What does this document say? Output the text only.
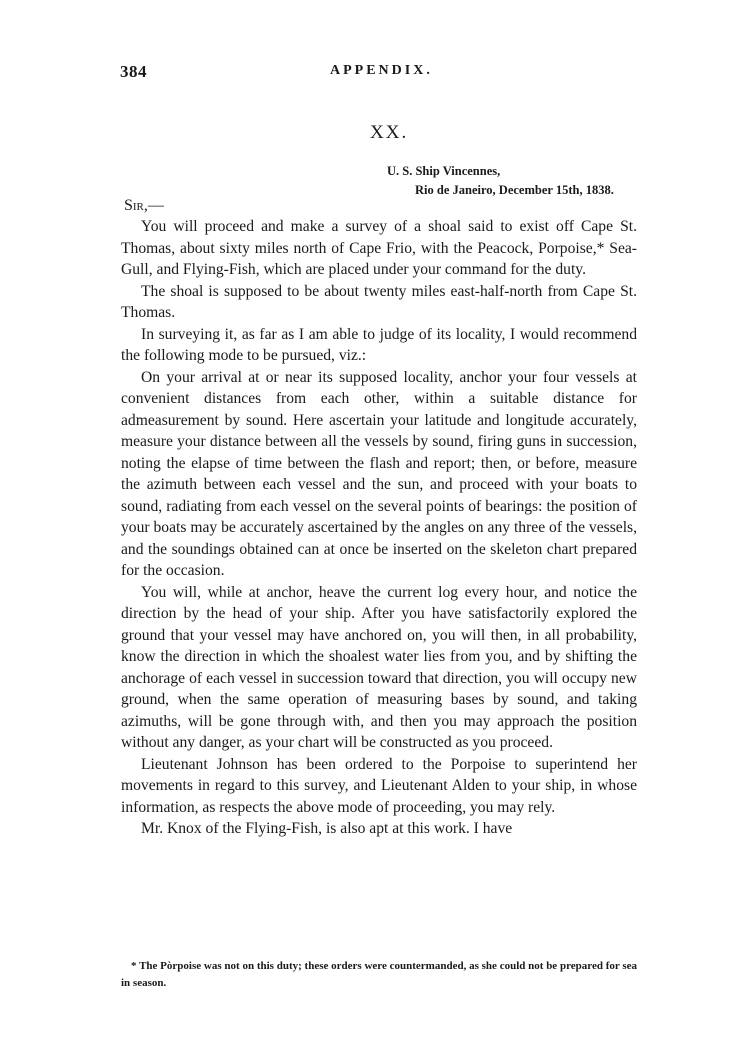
384	APPENDIX.
XX.
U. S. Ship Vincennes,
Rio de Janeiro, December 15th, 1838.
Sir,—

You will proceed and make a survey of a shoal said to exist off Cape St. Thomas, about sixty miles north of Cape Frio, with the Peacock, Porpoise,* Sea-Gull, and Flying-Fish, which are placed under your command for the duty.

The shoal is supposed to be about twenty miles east-half-north from Cape St. Thomas.

In surveying it, as far as I am able to judge of its locality, I would recommend the following mode to be pursued, viz.:

On your arrival at or near its supposed locality, anchor your four vessels at convenient distances from each other, within a suitable distance for admeasurement by sound. Here ascertain your latitude and longitude accurately, measure your distance between all the vessels by sound, firing guns in succession, noting the elapse of time between the flash and report; then, or before, measure the azimuth between each vessel and the sun, and proceed with your boats to sound, radiating from each vessel on the several points of bearings: the position of your boats may be accurately ascertained by the angles on any three of the vessels, and the soundings obtained can at once be inserted on the skeleton chart prepared for the occasion.

You will, while at anchor, heave the current log every hour, and notice the direction by the head of your ship. After you have satisfactorily explored the ground that your vessel may have anchored on, you will then, in all probability, know the direction in which the shoalest water lies from you, and by shifting the anchorage of each vessel in succession toward that direction, you will occupy new ground, when the same operation of measuring bases by sound, and taking azimuths, will be gone through with, and then you may approach the position without any danger, as your chart will be constructed as you proceed.

Lieutenant Johnson has been ordered to the Porpoise to superintend her movements in regard to this survey, and Lieutenant Alden to your ship, in whose information, as respects the above mode of proceeding, you may rely.

Mr. Knox of the Flying-Fish, is also apt at this work. I have

* The Pòrpoise was not on this duty; these orders were countermanded, as she could not be prepared for sea in season.
